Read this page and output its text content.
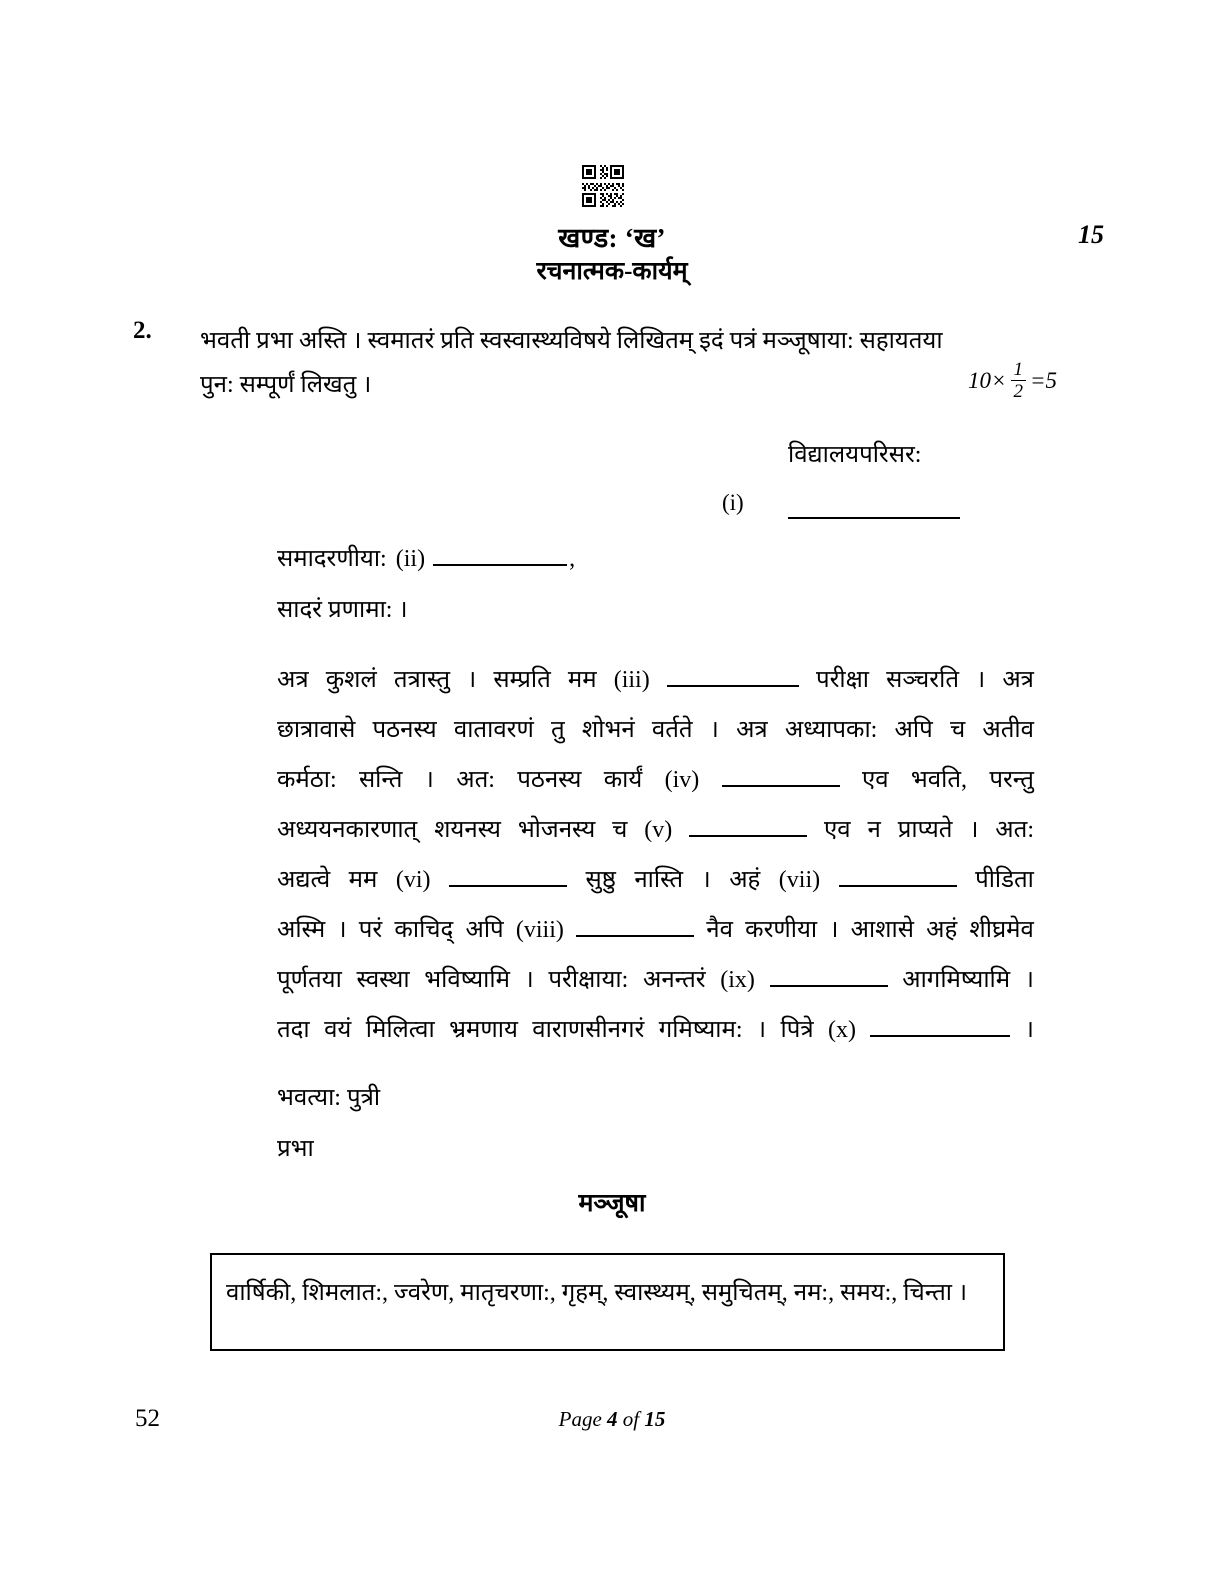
खण्ड: ‘ख’
रचनात्मक-कार्यम्
15
2. भवती प्रभा अस्ति । स्वमातरं प्रति स्वस्वास्थ्यविषये लिखितम् इदं पत्रं मञ्जूषाया: सहायतया
पुन: सम्पूर्णं लिखतु ।	$10\times \frac{1}{2} =5$
विद्यालयपरिसर:
(i)
समादरणीया: (ii)	,
सादरं प्रणामा: ।
अत्र कुशलं तत्रास्तु । सम्प्रति मम (iii)	परीक्षा सञ्चरति । अत्र
छात्रावासे पठनस्य वातावरणं तु शोभनं वर्तते । अत्र अध्यापका: अपि च अतीव
कर्मठा: सन्ति । अत: पठनस्य कार्यं (iv)	एव भवति, परन्तु
अध्ययनकारणात् शयनस्य भोजनस्य च (v)	एव न प्राप्यते । अत:
अद्यत्वे मम (vi)	सुष्ठु नास्ति । अहं (vii)	पीडिता
अस्मि । परं काचिद् अपि (viii)	नैव करणीया । आशासे अहं शीघ्रमेव
पूर्णतया स्वस्था भविष्यामि । परीक्षाया: अनन्तरं (ix)	आगमिष्यामि ।
तदा वयं मिलित्वा भ्रमणाय वाराणसीनगरं गमिष्याम: । पित्रे (x)	।
भवत्या: पुत्री
प्रभा
मञ्जूषा
वार्षिकी, शिमलात:, ज्वरेण, मातृचरणा:, गृहम्, स्वास्थ्यम्, समुचितम्, नम:, समय:, चिन्ता ।
52	Page 4 of 15
